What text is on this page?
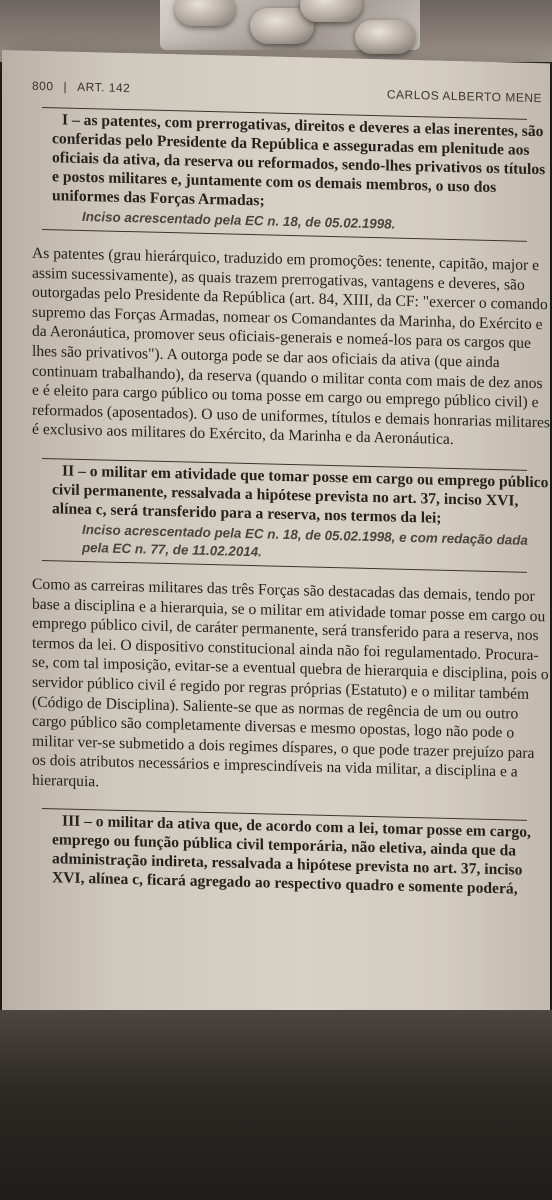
800 | ART. 142	CARLOS ALBERTO MENE

I – as patentes, com prerrogativas, direitos e deveres a elas inerentes, são conferidas pelo Presidente da República e asseguradas em plenitude aos oficiais da ativa, da reserva ou reformados, sendo-lhes privativos os títulos e postos militares e, juntamente com os demais membros, o uso dos uniformes das Forças Armadas;

Inciso acrescentado pela EC n. 18, de 05.02.1998.

As patentes (grau hierárquico, traduzido em promoções: tenente, capitão, major e assim sucessivamente), as quais trazem prerrogativas, vantagens e deveres, são outorgadas pelo Presidente da República (art. 84, XIII, da CF: "exercer o comando supremo das Forças Armadas, nomear os Comandantes da Marinha, do Exército e da Aeronáutica, promover seus oficiais-generais e nomeá-los para os cargos que lhes são privativos"). A outorga pode se dar aos oficiais da ativa (que ainda continuam trabalhando), da reserva (quando o militar conta com mais de dez anos e é eleito para cargo público ou toma posse em cargo ou emprego público civil) e reformados (aposentados). O uso de uniformes, títulos e demais honrarias militares é exclusivo aos militares do Exército, da Marinha e da Aeronáutica.

II – o militar em atividade que tomar posse em cargo ou emprego público civil permanente, ressalvada a hipótese prevista no art. 37, inciso XVI, alínea c, será transferido para a reserva, nos termos da lei;

Inciso acrescentado pela EC n. 18, de 05.02.1998, e com redação dada pela EC n. 77, de 11.02.2014.

Como as carreiras militares das três Forças são destacadas das demais, tendo por base a disciplina e a hierarquia, se o militar em atividade tomar posse em cargo ou emprego público civil, de caráter permanente, será transferido para a reserva, nos termos da lei. O dispositivo constitucional ainda não foi regulamentado. Procura-se, com tal imposição, evitar-se a eventual quebra de hierarquia e disciplina, pois o servidor público civil é regido por regras próprias (Estatuto) e o militar também (Código de Disciplina). Saliente-se que as normas de regência de um ou outro cargo público são completamente diversas e mesmo opostas, logo não pode o militar ver-se submetido a dois regimes díspares, o que pode trazer prejuízo para os dois atributos necessários e imprescindíveis na vida militar, a disciplina e a hierarquia.

III – o militar da ativa que, de acordo com a lei, tomar posse em cargo, emprego ou função pública civil temporária, não eletiva, ainda que da administração indireta, ressalvada a hipótese prevista no art. 37, inciso XVI, alínea c, ficará agregado ao respectivo quadro e somente poderá,
